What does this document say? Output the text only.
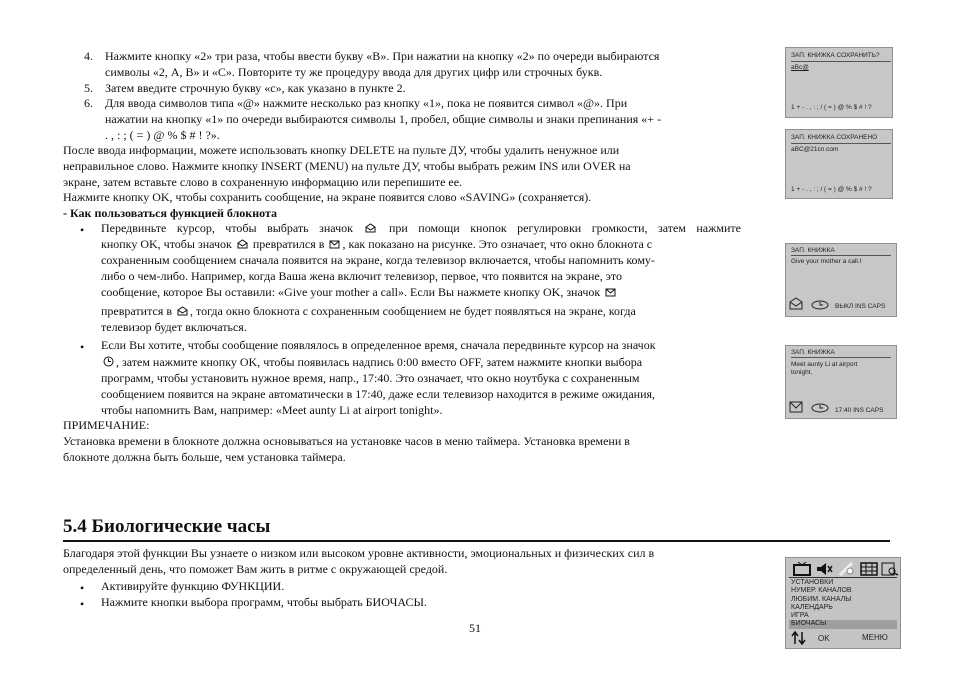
4. Нажмите кнопку «2» три раза, чтобы ввести букву «В». При нажатии на кнопку «2» по очереди выбираются
символы «2, А, В» и «С». Повторите ту же процедуру ввода для других цифр или строчных букв.
5. Затем введите строчную букву «с», как указано в пункте 2.
6. Для ввода символов типа «@» нажмите несколько раз кнопку «1», пока не появится символ «@». При
нажатии на кнопку «1» по очереди выбираются символы 1, пробел, общие символы и знаки препинания «+ -
. , : ; ( = ) @ % $ # ! ?».
После ввода информации, можете использовать кнопку DELETE на пульте ДУ, чтобы удалить ненужное или
неправильное слово. Нажмите кнопку INSERT (MENU) на пульте ДУ, чтобы выбрать режим INS или OVER на
экране, затем вставьте слово в сохраненную информацию или перепишите ее.
Нажмите кнопку OK, чтобы сохранить сообщение, на экране появится слово «SAVING» (сохраняется).
- Как пользоваться функцией блокнота
• Передвиньте курсор, чтобы выбрать значок	при помощи кнопок регулировки громкости, затем нажмите
кнопку OK, чтобы значок превратился в , как показано на рисунке. Это означает, что окно блокнота с
сохраненным сообщением сначала появится на экране, когда телевизор включается, чтобы напомнить кому-
либо о чем-либо. Например, когда Ваша жена включит телевизор, первое, что появится на экране, это
сообщение, которое Вы оставили: «Give your mother a call». Если Вы нажмете кнопку OK, значок
превратится в , тогда окно блокнота с сохраненным сообщением не будет появляться на экране, когда
телевизор будет включаться.
• Если Вы хотите, чтобы сообщение появлялось в определенное время, сначала передвиньте курсор на значок
, затем нажмите кнопку OK, чтобы появилась надпись 0:00 вместо OFF, затем нажмите кнопки выбора
программ, чтобы установить нужное время, напр., 17:40. Это означает, что окно ноутбука с сохраненным
сообщением появится на экране автоматически в 17:40, даже если телевизор находится в режиме ожидания,
чтобы напомнить Вам, например: «Meet aunty Li at airport tonight».
ПРИМЕЧАНИЕ:
Установка времени в блокноте должна основываться на установке часов в меню таймера. Установка времени в
блокноте должна быть больше, чем установка таймера.
5.4 Биологические часы
Благодаря этой функции Вы узнаете о низком или высоком уровне активности, эмоциональных и физических сил в
определенный день, что поможет Вам жить в ритме с окружающей средой.
• Активируйте функцию ФУНКЦИИ.
• Нажмите кнопки выбора программ, чтобы выбрать БИОЧАСЫ.
51
ЗАП. КНИЖКА СОХРАНИТЬ?
aBc@
1 + - . , : ; / ( = ) @ % $ # ! ?
ЗАП. КНИЖКА СОХРАНЕНО
aBC@21cn.com
1 + - . , : ; / ( = ) @ % $ # ! ?
ЗАП. КНИЖКА
Give your mother a call.l
ВЫКЛ INS CAPS
ЗАП. КНИЖКА
Meet aunty Li at airport
tonight.
17:40 INS CAPS
УСТАНОВКИ
НУМЕР. КАНАЛОВ
ЛЮБИМ. КАНАЛЫ
КАЛЕНДАРЬ
ИГРА
БИОЧАСЫ
OK	МЕНЮ
